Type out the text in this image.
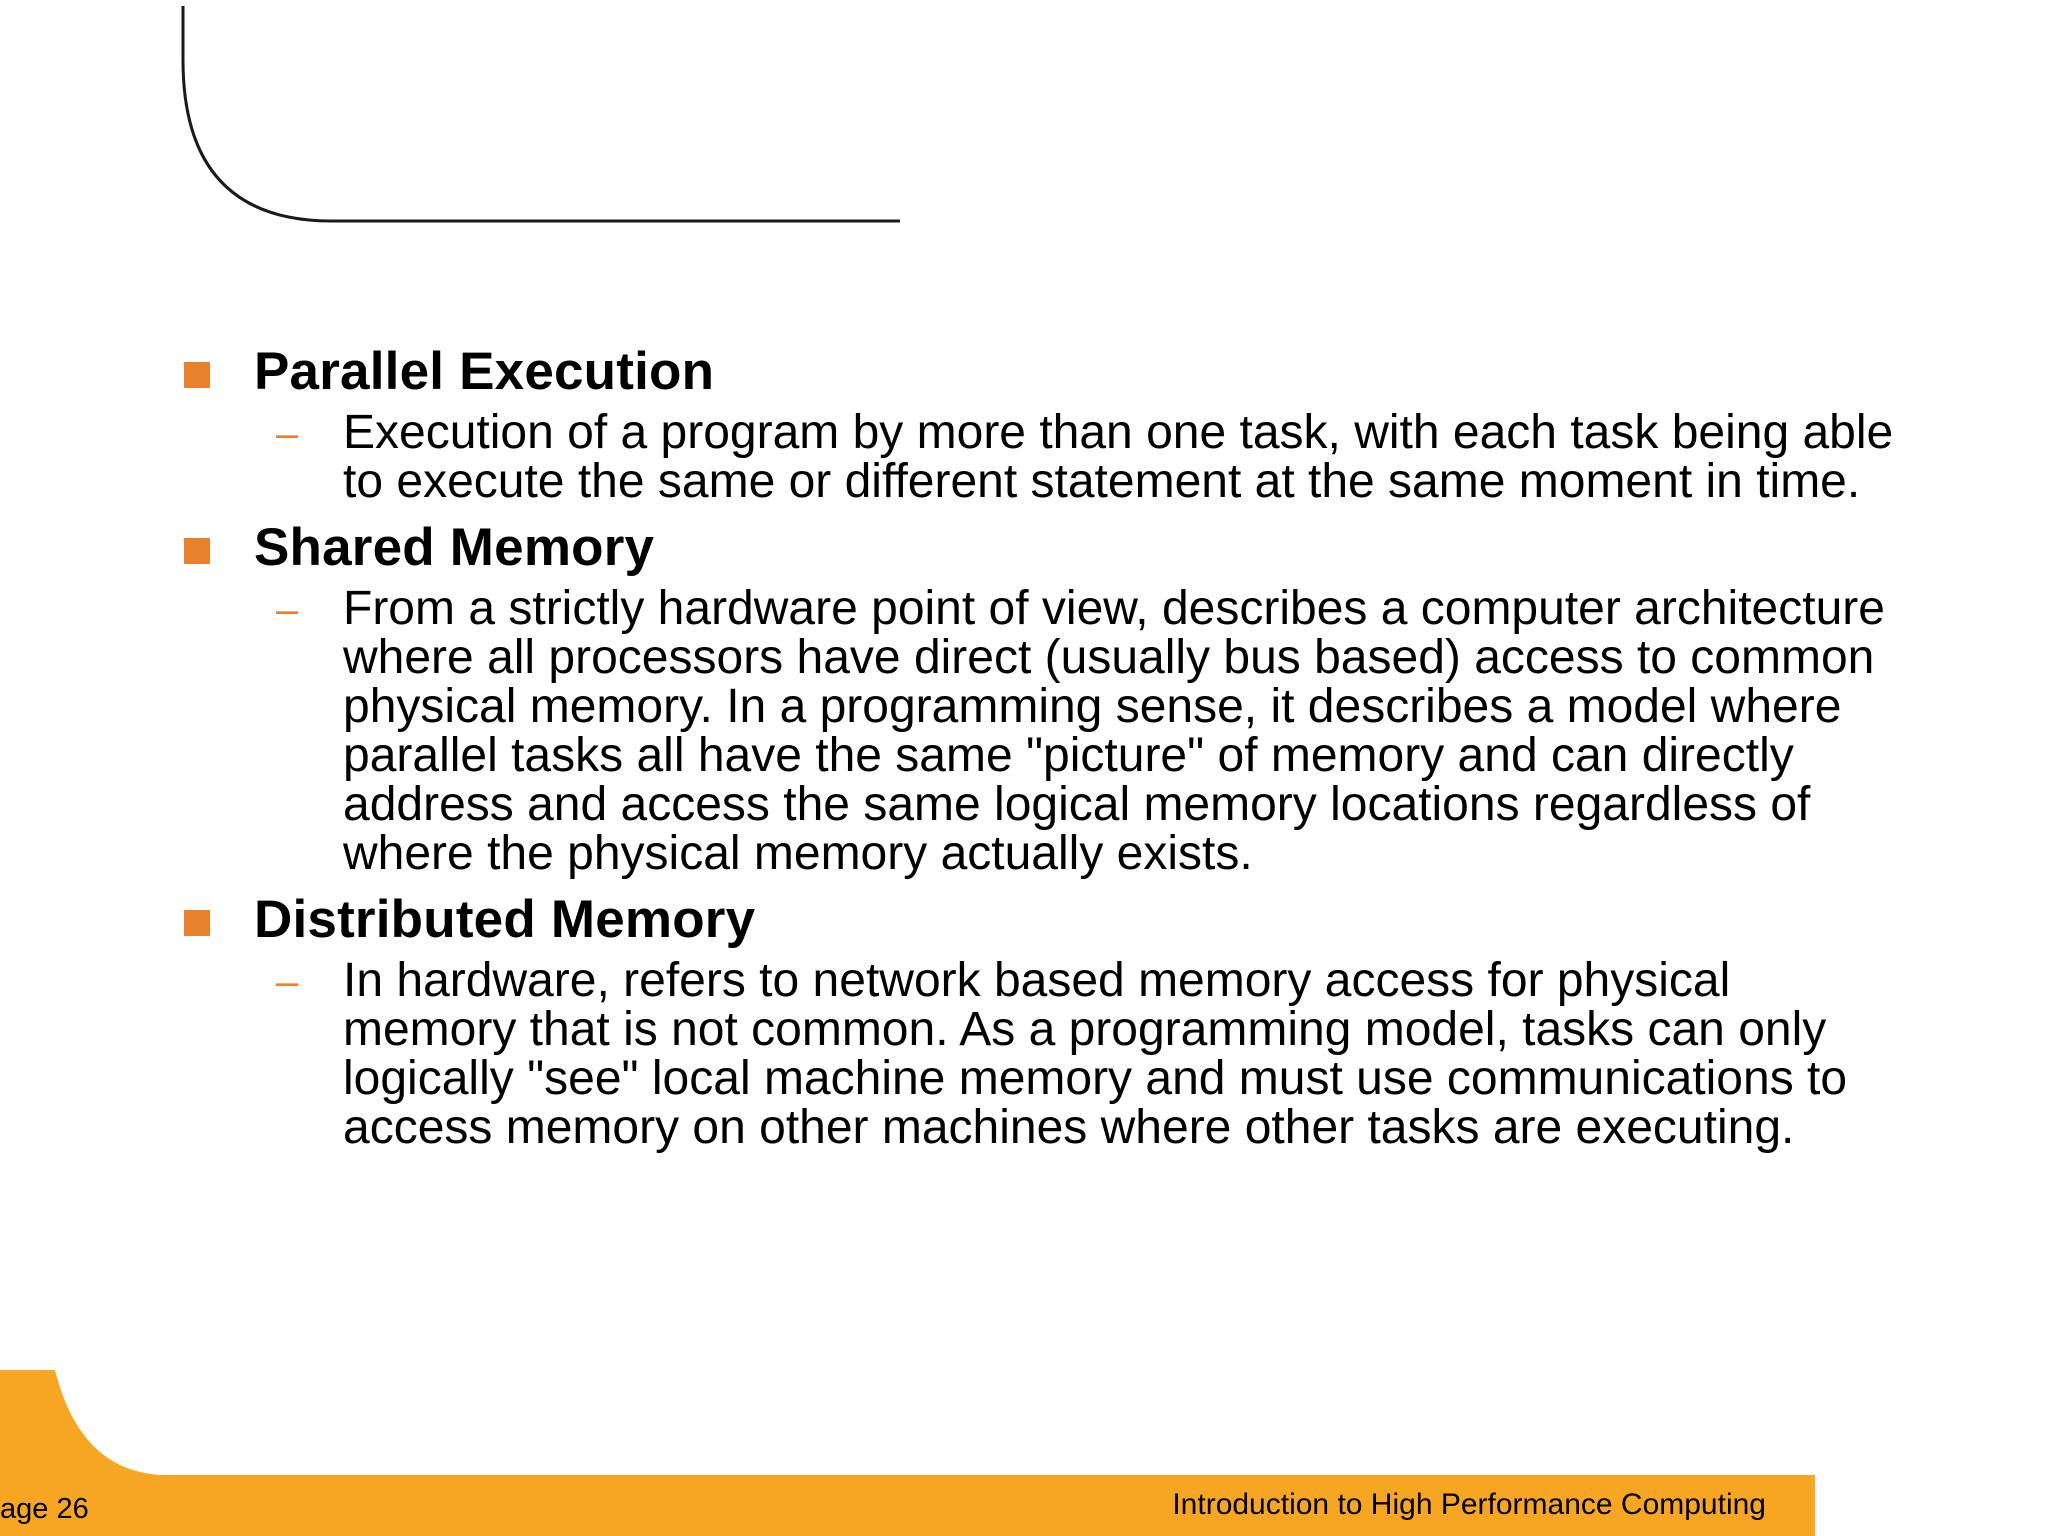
Parallel Execution
– Execution of a program by more than one task, with each task being able to execute the same or different statement at the same moment in time.

Shared Memory
– From a strictly hardware point of view, describes a computer architecture where all processors have direct (usually bus based) access to common physical memory. In a programming sense, it describes a model where parallel tasks all have the same "picture" of memory and can directly address and access the same logical memory locations regardless of where the physical memory actually exists.

Distributed Memory
– In hardware, refers to network based memory access for physical memory that is not common. As a programming model, tasks can only logically "see" local machine memory and must use communications to access memory on other machines where other tasks are executing.

age 26	Introduction to High Performance Computing
